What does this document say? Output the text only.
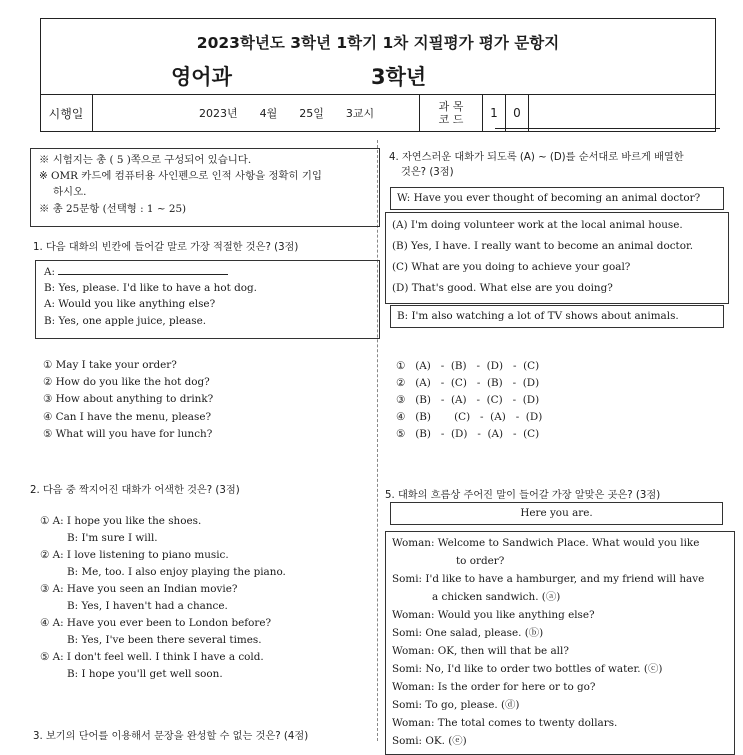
2023학년도 3학년 1학기 1차 지필평가 평가 문항지
영어과	3학년
시행일	2023년 4월 25일 3교시
과 목
코 드	1	0

※ 시험지는 총 ( 5 )쪽으로 구성되어 있습니다.

※ OMR 카드에 컴퓨터용 사인펜으로 인적 사항을 정확히 기입

하시오.

※ 총 25문항 (선택형 : 1 ~ 25)

1. 다음 대화의 빈칸에 들어갈 말로 가장 적절한 것은? (3점)

A:

B: Yes, please. I'd like to have a hot dog.

A: Would you like anything else?

B: Yes, one apple juice, please.

① May I take your order?

② How do you like the hot dog?

③ How about anything to drink?

④ Can I have the menu, please?

⑤ What will you have for lunch?

2. 다음 중 짝지어진 대화가 어색한 것은? (3점)

① A: I hope you like the shoes.

B: I'm sure I will.

② A: I love listening to piano music.

B: Me, too. I also enjoy playing the piano.

③ A: Have you seen an Indian movie?

B: Yes, I haven't had a chance.

④ A: Have you ever been to London before?

B: Yes, I've been there several times.

⑤ A: I don't feel well. I think I have a cold.

B: I hope you'll get well soon.

3. 보기의 단어를 이용해서 문장을 완성할 수 없는 것은? (4점)
4. 자연스러운 대화가 되도록 (A) ~ (D)를 순서대로 바르게 배열한
것은? (3점)
W: Have you ever thought of becoming an animal doctor?

(A) I'm doing volunteer work at the local animal house.

(B) Yes, I have. I really want to become an animal doctor.

(C) What are you doing to achieve your goal?

(D) That's good. What else are you doing?

B: I'm also watching a lot of TV shows about animals.

①   (A)   -  (B)   -  (D)   -  (C)

②   (A)   -  (C)   -  (B)   -  (D)

③   (B)   -  (A)   -  (C)   -  (D)

④   (B)       (C)   -  (A)   -  (D)

⑤   (B)   -  (D)   -  (A)   -  (C)

5. 대화의 흐름상 주어진 말이 들어갈 가장 알맞은 곳은? (3점)
Here you are.

Woman: Welcome to Sandwich Place. What would you like

to order?

Somi: I'd like to have a hamburger, and my friend will have

a chicken sandwich. (ⓐ)

Woman: Would you like anything else?

Somi: One salad, please. (ⓑ)

Woman: OK, then will that be all?

Somi: No, I'd like to order two bottles of water. (ⓒ)

Woman: Is the order for here or to go?

Somi: To go, please. (ⓓ)

Woman: The total comes to twenty dollars.

Somi: OK. (ⓔ)
